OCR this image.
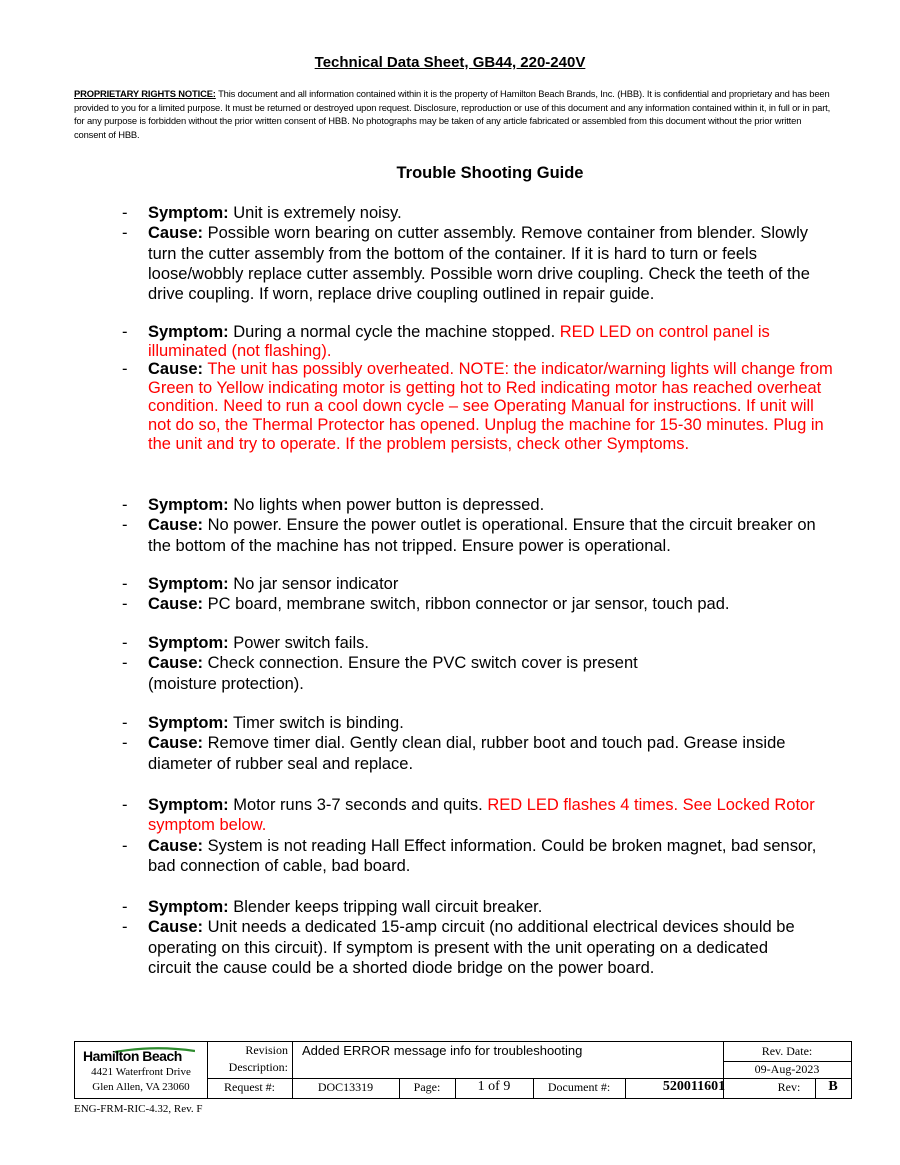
Technical Data Sheet, GB44, 220-240V
PROPRIETARY RIGHTS NOTICE: This document and all information contained within it is the property of Hamilton Beach Brands, Inc. (HBB). It is confidential and proprietary and has been provided to you for a limited purpose. It must be returned or destroyed upon request. Disclosure, reproduction or use of this document and any information contained within it, in full or in part, for any purpose is forbidden without the prior written consent of HBB. No photographs may be taken of any article fabricated or assembled from this document without the prior written consent of HBB.
Trouble Shooting Guide
- Symptom: Unit is extremely noisy.
- Cause: Possible worn bearing on cutter assembly. Remove container from blender. Slowly turn the cutter assembly from the bottom of the container. If it is hard to turn or feels loose/wobbly replace cutter assembly. Possible worn drive coupling. Check the teeth of the drive coupling. If worn, replace drive coupling outlined in repair guide.
- Symptom: During a normal cycle the machine stopped. RED LED on control panel is illuminated (not flashing).
- Cause: The unit has possibly overheated. NOTE: the indicator/warning lights will change from Green to Yellow indicating motor is getting hot to Red indicating motor has reached overheat condition. Need to run a cool down cycle – see Operating Manual for instructions. If unit will not do so, the Thermal Protector has opened. Unplug the machine for 15-30 minutes. Plug in the unit and try to operate. If the problem persists, check other Symptoms.
- Symptom: No lights when power button is depressed.
- Cause: No power. Ensure the power outlet is operational. Ensure that the circuit breaker on the bottom of the machine has not tripped. Ensure power is operational.
- Symptom: No jar sensor indicator
- Cause: PC board, membrane switch, ribbon connector or jar sensor, touch pad.
- Symptom: Power switch fails.
- Cause: Check connection. Ensure the PVC switch cover is present (moisture protection).
- Symptom: Timer switch is binding.
- Cause: Remove timer dial. Gently clean dial, rubber boot and touch pad. Grease inside diameter of rubber seal and replace.
- Symptom: Motor runs 3-7 seconds and quits. RED LED flashes 4 times. See Locked Rotor symptom below.
- Cause: System is not reading Hall Effect information. Could be broken magnet, bad sensor, bad connection of cable, bad board.
- Symptom: Blender keeps tripping wall circuit breaker.
- Cause: Unit needs a dedicated 15-amp circuit (no additional electrical devices should be operating on this circuit). If symptom is present with the unit operating on a dedicated circuit the cause could be a shorted diode bridge on the power board.
Hamilton Beach
4421 Waterfront Drive
Glen Allen, VA 23060
Revision
Description:
Added ERROR message info for troubleshooting	Rev. Date:
09-Aug-2023
Request #:	DOC13319	Page:	1 of 9	Document #:	520011601	Rev:	B
ENG-FRM-RIC-4.32, Rev. F
